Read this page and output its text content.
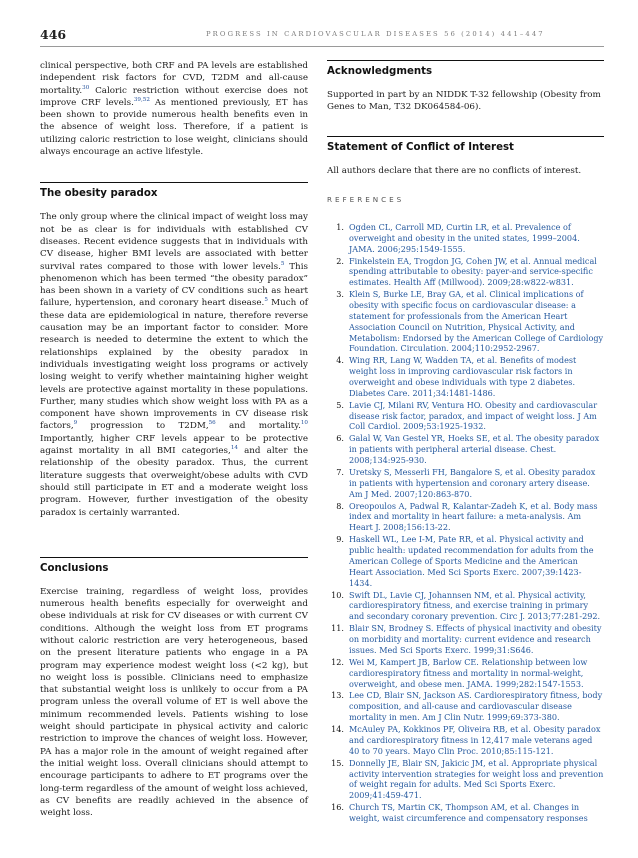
446	PROGRESS IN CARDIOVASCULAR DISEASES 56 (2014) 441–447

clinical perspective, both CRF and PA levels are established independent risk factors for CVD, T2DM and all-cause mortality.$^{30}$ Caloric restriction without exercise does not improve CRF levels.$^{39,52}$ As mentioned previously, ET has been shown to provide numerous health benefits even in the absence of weight loss. Therefore, if a patient is utilizing caloric restriction to lose weight, clinicians should always encourage an active lifestyle.

The obesity paradox

The only group where the clinical impact of weight loss may not be as clear is for individuals with established CV diseases. Recent evidence suggests that in individuals with CV disease, higher BMI levels are associated with better survival rates compared to those with lower levels.$^5$ This phenomenon which has been termed “the obesity paradox” has been shown in a variety of CV conditions such as heart failure, hypertension, and coronary heart disease.$^5$ Much of these data are epidemiological in nature, therefore reverse causation may be an important factor to consider. More research is needed to determine the extent to which the relationships explained by the obesity paradox in individuals investigating weight loss programs or actively losing weight to verify whether maintaining higher weight levels are protective against mortality in these populations. Further, many studies which show weight loss with PA as a component have shown improvements in CV disease risk factors,$^9$ progression to T2DM,$^{56}$ and mortality.$^{10}$ Importantly, higher CRF levels appear to be protective against mortality in all BMI categories,$^{14}$ and alter the relationship of the obesity paradox. Thus, the current literature suggests that overweight/obese adults with CVD should still participate in ET and a moderate weight loss program. However, further investigation of the obesity paradox is certainly warranted.

Conclusions

Exercise training, regardless of weight loss, provides numerous health benefits especially for overweight and obese individuals at risk for CV diseases or with current CV conditions. Although the weight loss from ET programs without caloric restriction are very heterogeneous, based on the present literature patients who engage in a PA program may experience modest weight loss (<2 kg), but no weight loss is possible. Clinicians need to emphasize that substantial weight loss is unlikely to occur from a PA program unless the overall volume of ET is well above the minimum recommended levels. Patients wishing to lose weight should participate in physical activity and caloric restriction to improve the chances of weight loss. However, PA has a major role in the amount of weight regained after the initial weight loss. Overall clinicians should attempt to encourage participants to adhere to ET programs over the long-term regardless of the amount of weight loss achieved, as CV benefits are readily achieved in the absence of weight loss.

Acknowledgments

Supported in part by an NIDDK T-32 fellowship (Obesity from Genes to Man, T32 DK064584-06).

Statement of Conflict of Interest

All authors declare that there are no conflicts of interest.

REFERENCES
1. Ogden CL, Carroll MD, Curtin LR, et al. Prevalence of overweight and obesity in the united states, 1999–2004. JAMA. 2006;295:1549-1555.
2. Finkelstein EA, Trogdon JG, Cohen JW, et al. Annual medical spending attributable to obesity: payer-and service-specific estimates. Health Aff (Millwood). 2009;28:w822-w831.
3. Klein S, Burke LE, Bray GA, et al. Clinical implications of obesity with specific focus on cardiovascular disease: a statement for professionals from the American Heart Association Council on Nutrition, Physical Activity, and Metabolism: Endorsed by the American College of Cardiology Foundation. Circulation. 2004;110:2952-2967.
4. Wing RR, Lang W, Wadden TA, et al. Benefits of modest weight loss in improving cardiovascular risk factors in overweight and obese individuals with type 2 diabetes. Diabetes Care. 2011;34:1481-1486.
5. Lavie CJ, Milani RV, Ventura HO. Obesity and cardiovascular disease risk factor, paradox, and impact of weight loss. J Am Coll Cardiol. 2009;53:1925-1932.
6. Galal W, Van Gestel YR, Hoeks SE, et al. The obesity paradox in patients with peripheral arterial disease. Chest. 2008;134:925-930.
7. Uretsky S, Messerli FH, Bangalore S, et al. Obesity paradox in patients with hypertension and coronary artery disease. Am J Med. 2007;120:863-870.
8. Oreopoulos A, Padwal R, Kalantar-Zadeh K, et al. Body mass index and mortality in heart failure: a meta-analysis. Am Heart J. 2008;156:13-22.
9. Haskell WL, Lee I-M, Pate RR, et al. Physical activity and public health: updated recommendation for adults from the American College of Sports Medicine and the American Heart Association. Med Sci Sports Exerc. 2007;39:1423-1434.
10. Swift DL, Lavie CJ, Johannsen NM, et al. Physical activity, cardiorespiratory fitness, and exercise training in primary and secondary coronary prevention. Circ J. 2013;77:281-292.
11. Blair SN, Brodney S. Effects of physical inactivity and obesity on morbidity and mortality: current evidence and research issues. Med Sci Sports Exerc. 1999;31:S646.
12. Wei M, Kampert JB, Barlow CE. Relationship between low cardiorespiratory fitness and mortality in normal-weight, overweight, and obese men. JAMA. 1999;282:1547-1553.
13. Lee CD, Blair SN, Jackson AS. Cardiorespiratory fitness, body composition, and all-cause and cardiovascular disease mortality in men. Am J Clin Nutr. 1999;69:373-380.
14. McAuley PA, Kokkinos PF, Oliveira RB, et al. Obesity paradox and cardiorespiratory fitness in 12,417 male veterans aged 40 to 70 years. Mayo Clin Proc. 2010;85:115-121.
15. Donnelly JE, Blair SN, Jakicic JM, et al. Appropriate physical activity intervention strategies for weight loss and prevention of weight regain for adults. Med Sci Sports Exerc. 2009;41:459-471.
16. Church TS, Martin CK, Thompson AM, et al. Changes in weight, waist circumference and compensatory responses
